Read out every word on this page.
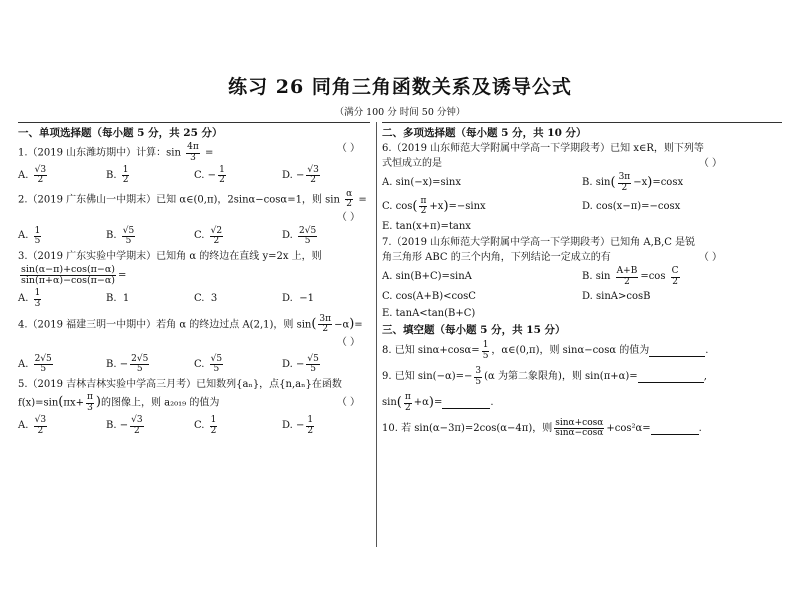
练习 26 同角三角函数关系及诱导公式
（满分 100 分 时间 50 分钟）
一、单项选择题（每小题 5 分，共 25 分）
1.（2019 山东潍坊期中）计算：$\sin \frac{4\pi}{3}$ =	（ ）
A.
$\frac{√3}{2}$	B.
$\frac{1}{2}$	C.
− $\frac{1}{2}$	D.
− $\frac{√3}{2}$
2.（2019 广东佛山一中期末）已知 α∈(0,π)，2sinα−cosα=1，则 $\sin \frac{\alpha}{2}$ =
（ ）
A.
$\frac{1}{5}$	B.
$\frac{√5}{5}$	C.
$\frac{√2}{2}$	D.
$\frac{2√5}{5}$
3.（2019 广东实验中学期末）已知角 α 的终边在直线 y=2x 上，则
$\frac{\sin(\alpha-\pi)+\cos(\pi-\alpha)}{\sin(\pi+\alpha)-\cos(\pi-\alpha)}$ =
A.
$\frac{1}{3}$	B.
1	C.
3	D.
−1
4.（2019 福建三明一中期中）若角 α 的终边过点 A(2,1)，则 $\sin( \frac{3\pi}{2} -\alpha)=$
（ ）
A.
$\frac{2√5}{5}$	B.
− $\frac{2√5}{5}$	C.
$\frac{√5}{5}$	D.
− $\frac{√5}{5}$
5.（2019 吉林吉林实验中学高三月考）已知数列{aₙ}，点{n,aₙ}在函数
$f(x)=\sin(\pi x+ \frac{\pi}{3}$ )的图像上，则 a₂₀₁₉ 的值为	（ ）
A.
$\frac{√3}{2}$	B.
− $\frac{√3}{2}$	C.
$\frac{1}{2}$	D.
− $\frac{1}{2}$
二、多项选择题（每小题 5 分，共 10 分）
6.（2019 山东师范大学附属中学高一下学期段考）已知 x∈R，则下列等
式恒成立的是	（ ）
A. sin(−x)=sinx	B. sin ( $\frac{3\pi}{2} -x$ ) =cosx
C. cos ( $\frac{\pi}{2} +x$ ) =−sinx	D. cos(x−π)=−cosx
E. tan(x+π)=tanx
7.（2019 山东师范大学附属中学高一下学期段考）已知角 A,B,C 是锐
角三角形 ABC 的三个内角，下列结论一定成立的有	（ ）
A. sin(B+C)=sinA	B. sin
$\frac{A+B}{2} =\cos$
$\frac{C}{2}$
C. cos(A+B)<cosC	D. sinA>cosB
E. tanA<tan(B+C)
三、填空题（每小题 5 分，共 15 分）
8. 已知 $\sin\alpha+\cos\alpha= \frac{1}{5}$ ，α∈(0,π)，则 sinα−cosα 的值为	.
9. 已知 $\sin(-\alpha)=- \frac{3}{5} (\alpha$ 为第二象限角)，则 sin(π+α)=	,
sin ( $\frac{\pi}{2} +\alpha$ ) =	.
10. 若 sin(α−3π)=2cos(α−4π)，则 $\frac{\sin\alpha+\cos\alpha}{\sin\alpha-\cos\alpha} +\cos^2\alpha=$	.
